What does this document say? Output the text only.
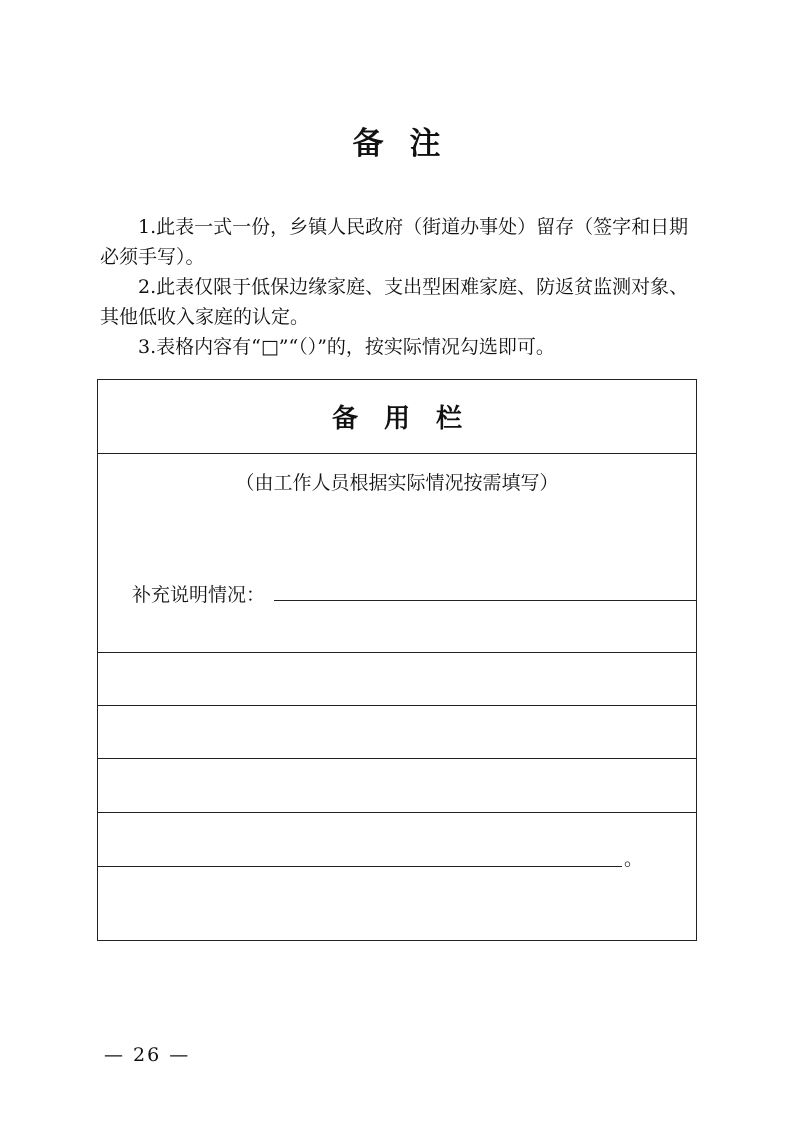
备注

1.此表一式一份，乡镇人民政府（街道办事处）留存（签字和日期必须手写）。

2.此表仅限于低保边缘家庭、支出型困难家庭、防返贫监测对象、其他低收入家庭的认定。

3.表格内容有“□”“（）”的，按实际情况勾选即可。

备用栏
（由工作人员根据实际情况按需填写）
补充说明情况：
。
— 26 —
